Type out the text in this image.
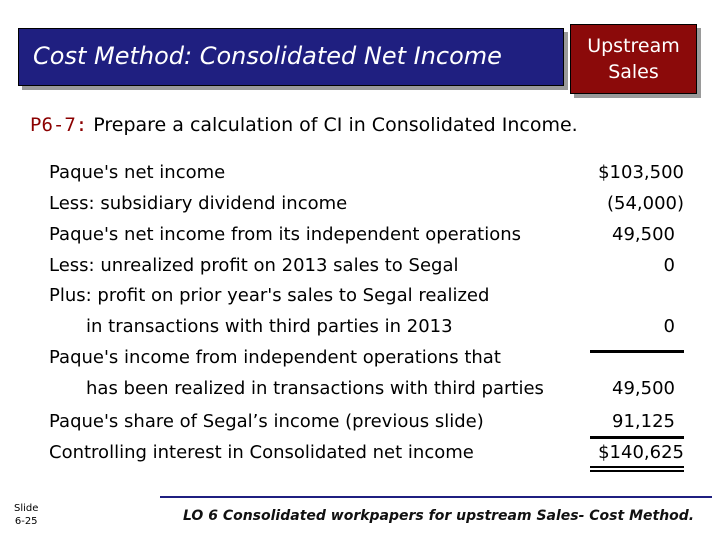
Cost Method: Consolidated Net Income	Upstream
Sales
P6-7: Prepare a calculation of CI in Consolidated Income.
Paque's net income	$103,500
Less: subsidiary dividend income	(54,000)
Paque's net income from its independent operations	49,500
Less: unrealized profit on 2013 sales to Segal	0
Plus: profit on prior year's sales to Segal realized
in transactions with third parties in 2013	0
Paque's income from independent operations that
has been realized in transactions with third parties	49,500
Paque's share of Segal’s income (previous slide)	91,125
Controlling interest in Consolidated net income	$140,625
Slide
6-25	LO 6 Consolidated workpapers for upstream Sales- Cost Method.
